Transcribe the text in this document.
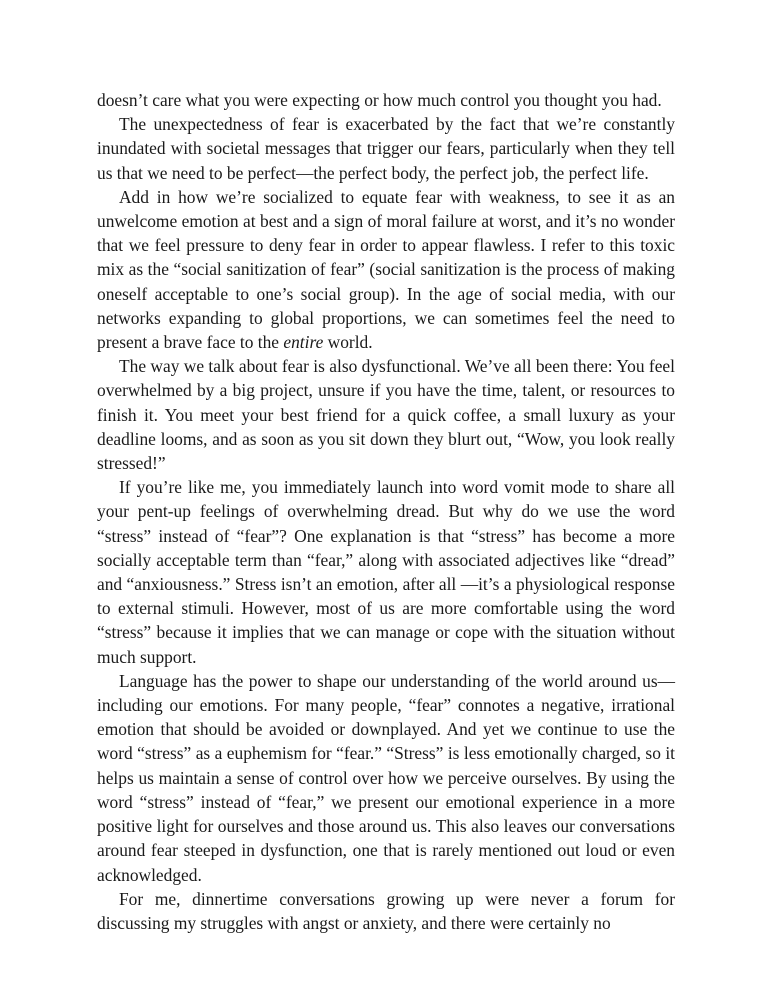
doesn’t care what you were expecting or how much control you thought you had.

The unexpectedness of fear is exacerbated by the fact that we’re constantly inundated with societal messages that trigger our fears, particularly when they tell us that we need to be perfect—the perfect body, the perfect job, the perfect life.

Add in how we’re socialized to equate fear with weakness, to see it as an unwelcome emotion at best and a sign of moral failure at worst, and it’s no wonder that we feel pressure to deny fear in order to appear flawless. I refer to this toxic mix as the “social sanitization of fear” (social sanitization is the process of making oneself acceptable to one’s social group). In the age of social media, with our networks expanding to global proportions, we can sometimes feel the need to present a brave face to the entire world.

The way we talk about fear is also dysfunctional. We’ve all been there: You feel overwhelmed by a big project, unsure if you have the time, talent, or resources to finish it. You meet your best friend for a quick coffee, a small luxury as your deadline looms, and as soon as you sit down they blurt out, “Wow, you look really stressed!”

If you’re like me, you immediately launch into word vomit mode to share all your pent-up feelings of overwhelming dread. But why do we use the word “stress” instead of “fear”? One explanation is that “stress” has become a more socially acceptable term than “fear,” along with associated adjectives like “dread” and “anxiousness.” Stress isn’t an emotion, after all —it’s a physiological response to external stimuli. However, most of us are more comfortable using the word “stress” because it implies that we can manage or cope with the situation without much support.

Language has the power to shape our understanding of the world around us—including our emotions. For many people, “fear” connotes a negative, irrational emotion that should be avoided or downplayed. And yet we continue to use the word “stress” as a euphemism for “fear.” “Stress” is less emotionally charged, so it helps us maintain a sense of control over how we perceive ourselves. By using the word “stress” instead of “fear,” we present our emotional experience in a more positive light for ourselves and those around us. This also leaves our conversations around fear steeped in dysfunction, one that is rarely mentioned out loud or even acknowledged.

For me, dinnertime conversations growing up were never a forum for discussing my struggles with angst or anxiety, and there were certainly no
